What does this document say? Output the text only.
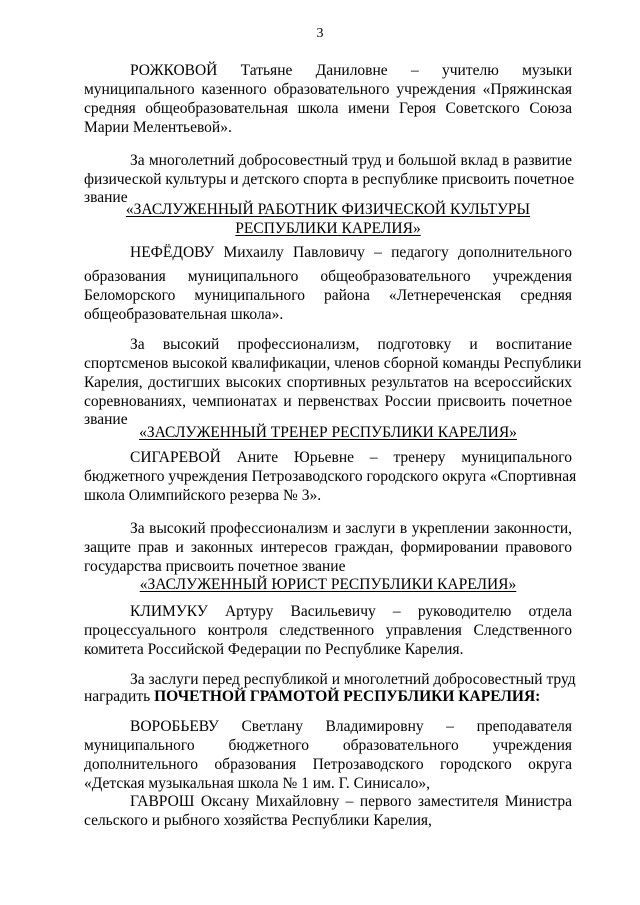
3
РОЖКОВОЙ Татьяне Даниловне – учителю музыки
муниципального казенного образовательного учреждения «Пряжинская
средняя общеобразовательная школа имени Героя Советского Союза
Марии Мелентьевой».
За многолетний добросовестный труд и большой вклад в развитие
физической культуры и детского спорта в республике присвоить почетное
звание
«ЗАСЛУЖЕННЫЙ РАБОТНИК ФИЗИЧЕСКОЙ КУЛЬТУРЫ
РЕСПУБЛИКИ КАРЕЛИЯ»
НЕФЁДОВУ Михаилу Павловичу – педагогу дополнительного
образования муниципального общеобразовательного учреждения
Беломорского муниципального района «Летнереченская средняя
общеобразовательная школа».
За высокий профессионализм, подготовку и воспитание
спортсменов высокой квалификации, членов сборной команды Республики
Карелия, достигших высоких спортивных результатов на всероссийских
соревнованиях, чемпионатах и первенствах России присвоить почетное
звание
«ЗАСЛУЖЕННЫЙ ТРЕНЕР РЕСПУБЛИКИ КАРЕЛИЯ»
СИГАРЕВОЙ Аните Юрьевне – тренеру муниципального
бюджетного учреждения Петрозаводского городского округа «Спортивная
школа Олимпийского резерва № 3».
За высокий профессионализм и заслуги в укреплении законности,
защите прав и законных интересов граждан, формировании правового
государства присвоить почетное звание
«ЗАСЛУЖЕННЫЙ ЮРИСТ РЕСПУБЛИКИ КАРЕЛИЯ»
КЛИМУКУ Артуру Васильевичу – руководителю отдела
процессуального контроля следственного управления Следственного
комитета Российской Федерации по Республике Карелия.
За заслуги перед республикой и многолетний добросовестный труд
наградить ПОЧЕТНОЙ ГРАМОТОЙ РЕСПУБЛИКИ КАРЕЛИЯ:
ВОРОБЬЕВУ Светлану Владимировну – преподавателя
муниципального бюджетного образовательного учреждения
дополнительного образования Петрозаводского городского округа
«Детская музыкальная школа № 1 им. Г. Синисало»,
ГАВРОШ Оксану Михайловну – первого заместителя Министра
сельского и рыбного хозяйства Республики Карелия,
